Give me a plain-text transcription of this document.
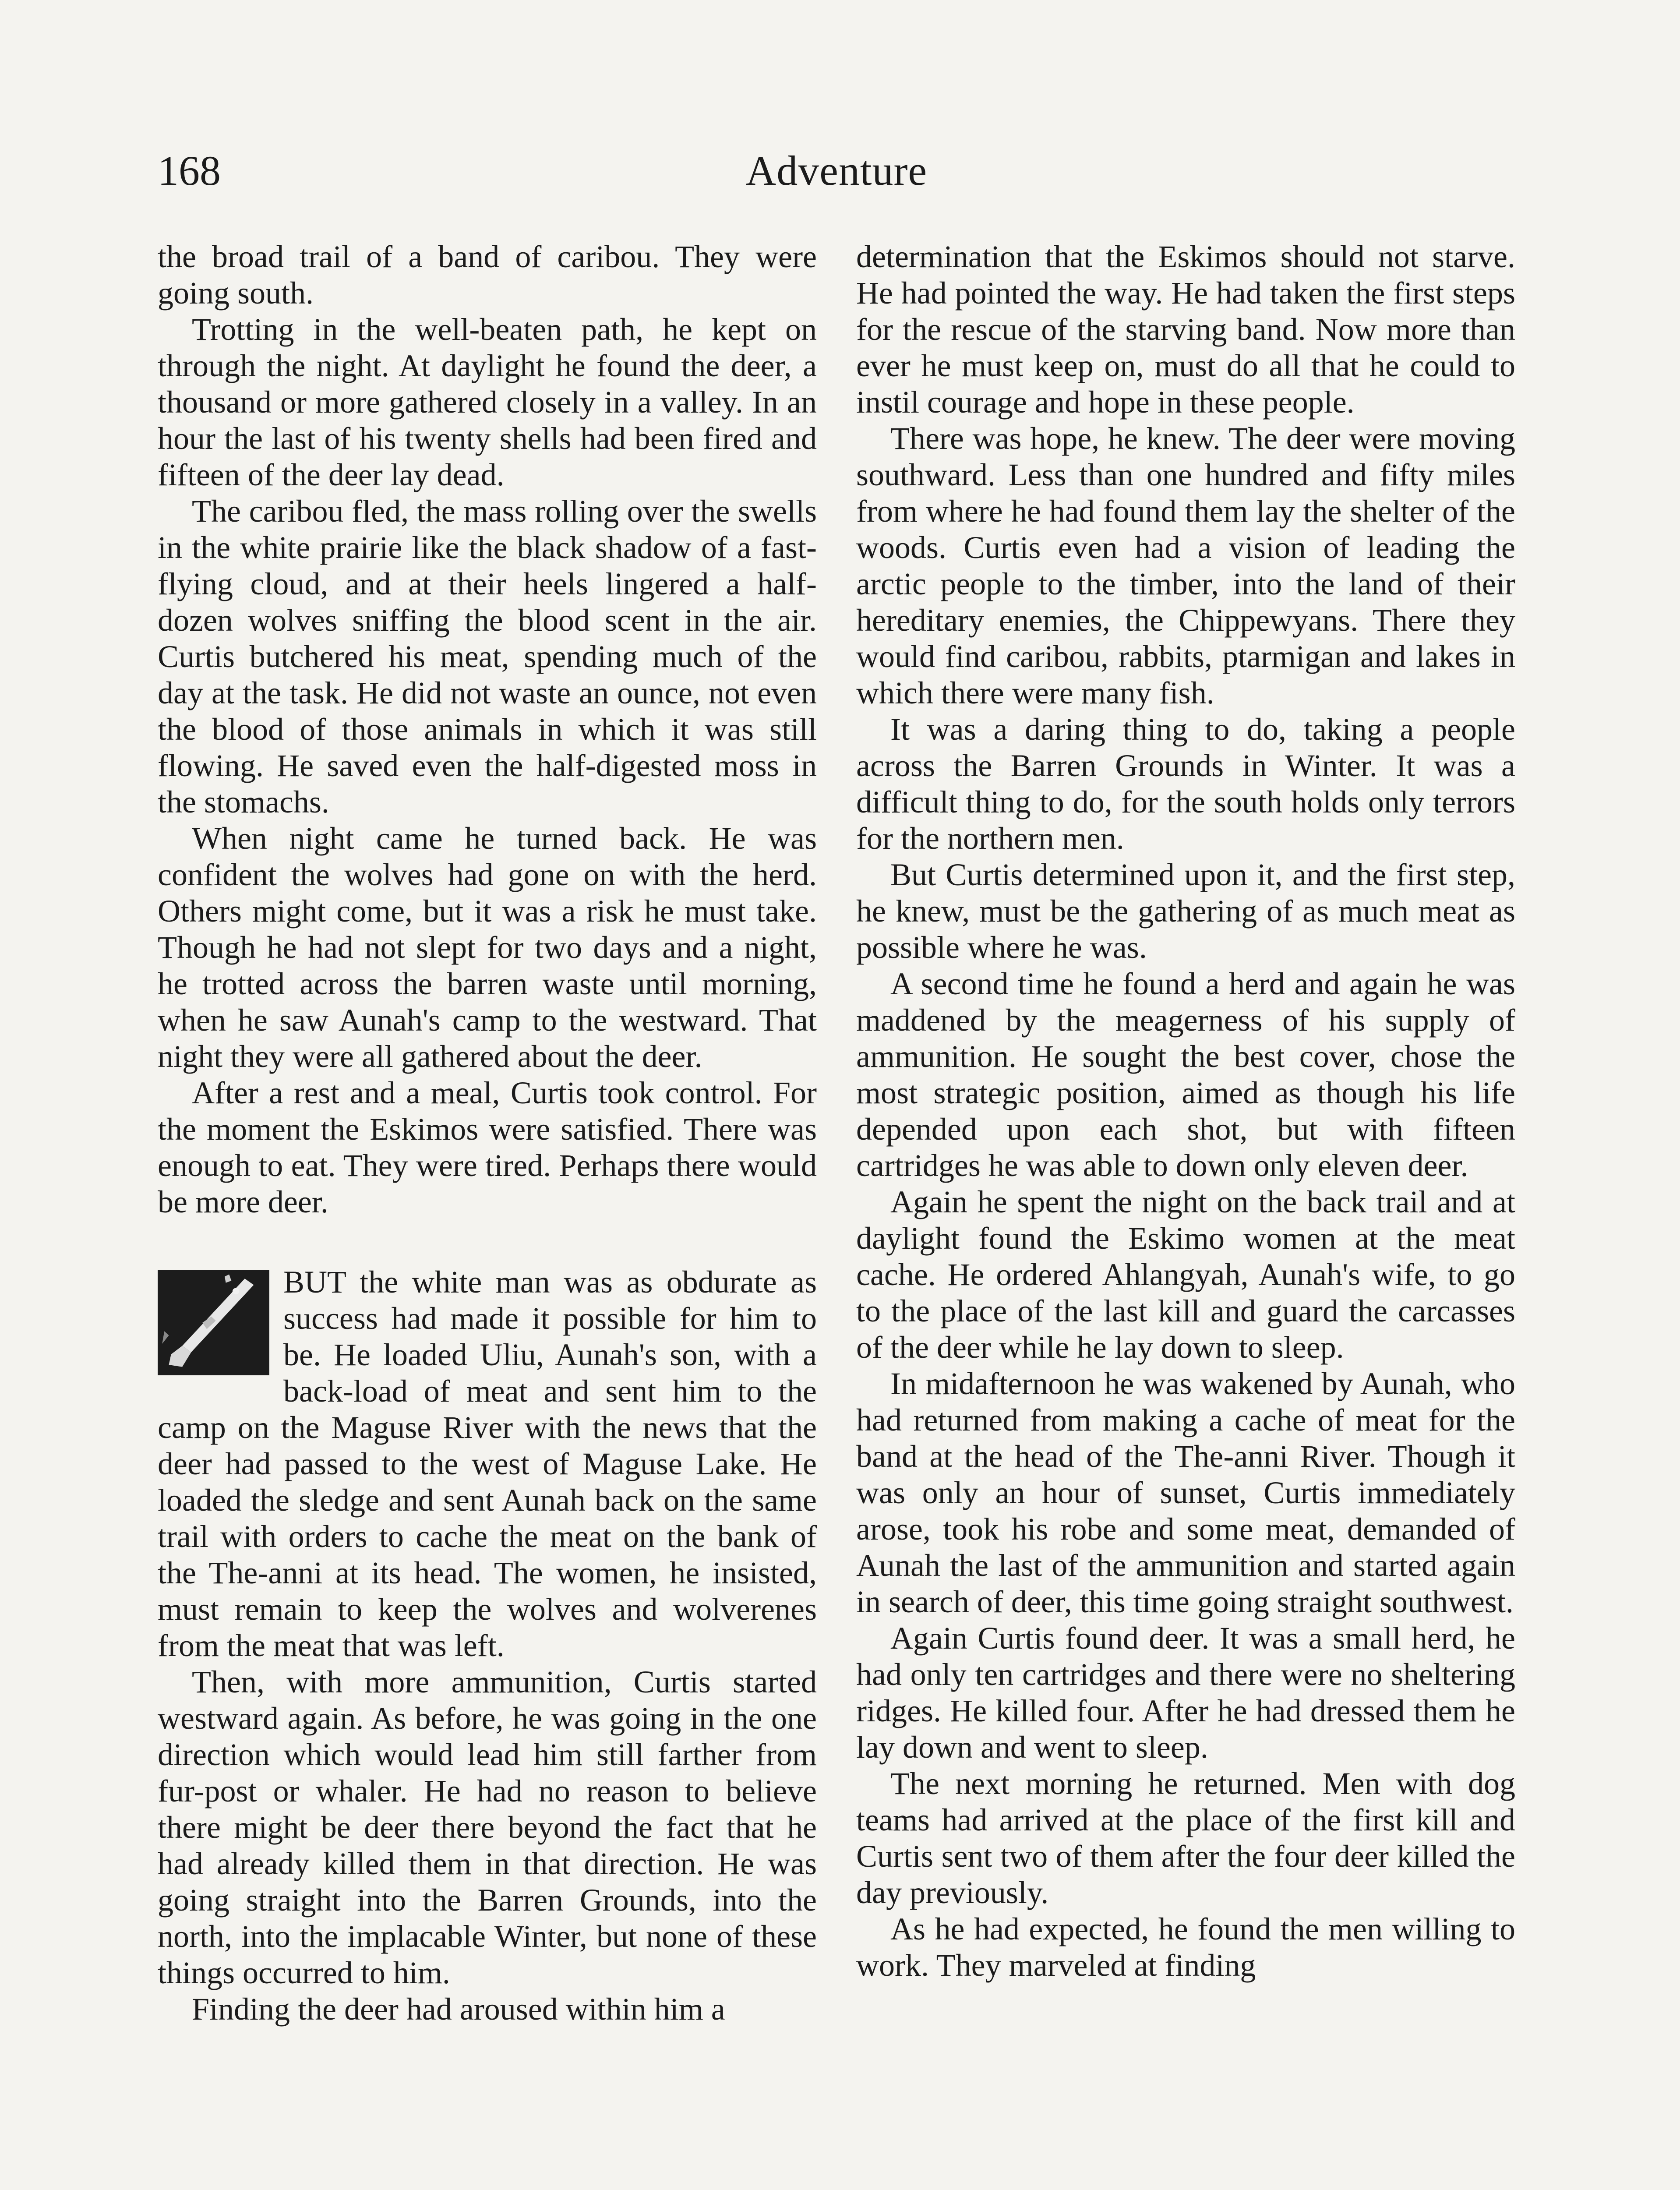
168	Adventure

the broad trail of a band of caribou. They were going south.

Trotting in the well-beaten path, he kept on through the night. At daylight he found the deer, a thousand or more gathered closely in a valley. In an hour the last of his twenty shells had been fired and fifteen of the deer lay dead.

The caribou fled, the mass rolling over the swells in the white prairie like the black shadow of a fast-flying cloud, and at their heels lingered a half-dozen wolves sniffing the blood scent in the air. Curtis butchered his meat, spending much of the day at the task. He did not waste an ounce, not even the blood of those animals in which it was still flowing. He saved even the half-digested moss in the stomachs.

When night came he turned back. He was confident the wolves had gone on with the herd. Others might come, but it was a risk he must take. Though he had not slept for two days and a night, he trotted across the barren waste until morning, when he saw Aunah's camp to the westward. That night they were all gathered about the deer.

After a rest and a meal, Curtis took control. For the moment the Eskimos were satisfied. There was enough to eat. They were tired. Perhaps there would be more deer.

BUT the white man was as obdurate as success had made it possible for him to be. He loaded Uliu, Aunah's son, with a back-load of meat and sent him to the camp on the Maguse River with the news that the deer had passed to the west of Maguse Lake. He loaded the sledge and sent Aunah back on the same trail with orders to cache the meat on the bank of the The-anni at its head. The women, he insisted, must remain to keep the wolves and wolverenes from the meat that was left.

Then, with more ammunition, Curtis started westward again. As before, he was going in the one direction which would lead him still farther from fur-post or whaler. He had no reason to believe there might be deer there beyond the fact that he had already killed them in that direction. He was going straight into the Barren Grounds, into the north, into the implacable Winter, but none of these things occurred to him.

Finding the deer had aroused within him a

determination that the Eskimos should not starve. He had pointed the way. He had taken the first steps for the rescue of the starving band. Now more than ever he must keep on, must do all that he could to instil courage and hope in these people.

There was hope, he knew. The deer were moving southward. Less than one hundred and fifty miles from where he had found them lay the shelter of the woods. Curtis even had a vision of leading the arctic people to the timber, into the land of their hereditary enemies, the Chippewyans. There they would find caribou, rabbits, ptarmigan and lakes in which there were many fish.

It was a daring thing to do, taking a people across the Barren Grounds in Winter. It was a difficult thing to do, for the south holds only terrors for the northern men.

But Curtis determined upon it, and the first step, he knew, must be the gathering of as much meat as possible where he was.

A second time he found a herd and again he was maddened by the meagerness of his supply of ammunition. He sought the best cover, chose the most strategic position, aimed as though his life depended upon each shot, but with fifteen cartridges he was able to down only eleven deer.

Again he spent the night on the back trail and at daylight found the Eskimo women at the meat cache. He ordered Ahlangyah, Aunah's wife, to go to the place of the last kill and guard the carcasses of the deer while he lay down to sleep.

In midafternoon he was wakened by Aunah, who had returned from making a cache of meat for the band at the head of the The-anni River. Though it was only an hour of sunset, Curtis immediately arose, took his robe and some meat, demanded of Aunah the last of the ammunition and started again in search of deer, this time going straight southwest.

Again Curtis found deer. It was a small herd, he had only ten cartridges and there were no sheltering ridges. He killed four. After he had dressed them he lay down and went to sleep.

The next morning he returned. Men with dog teams had arrived at the place of the first kill and Curtis sent two of them after the four deer killed the day previously.

As he had expected, he found the men willing to work. They marveled at finding
